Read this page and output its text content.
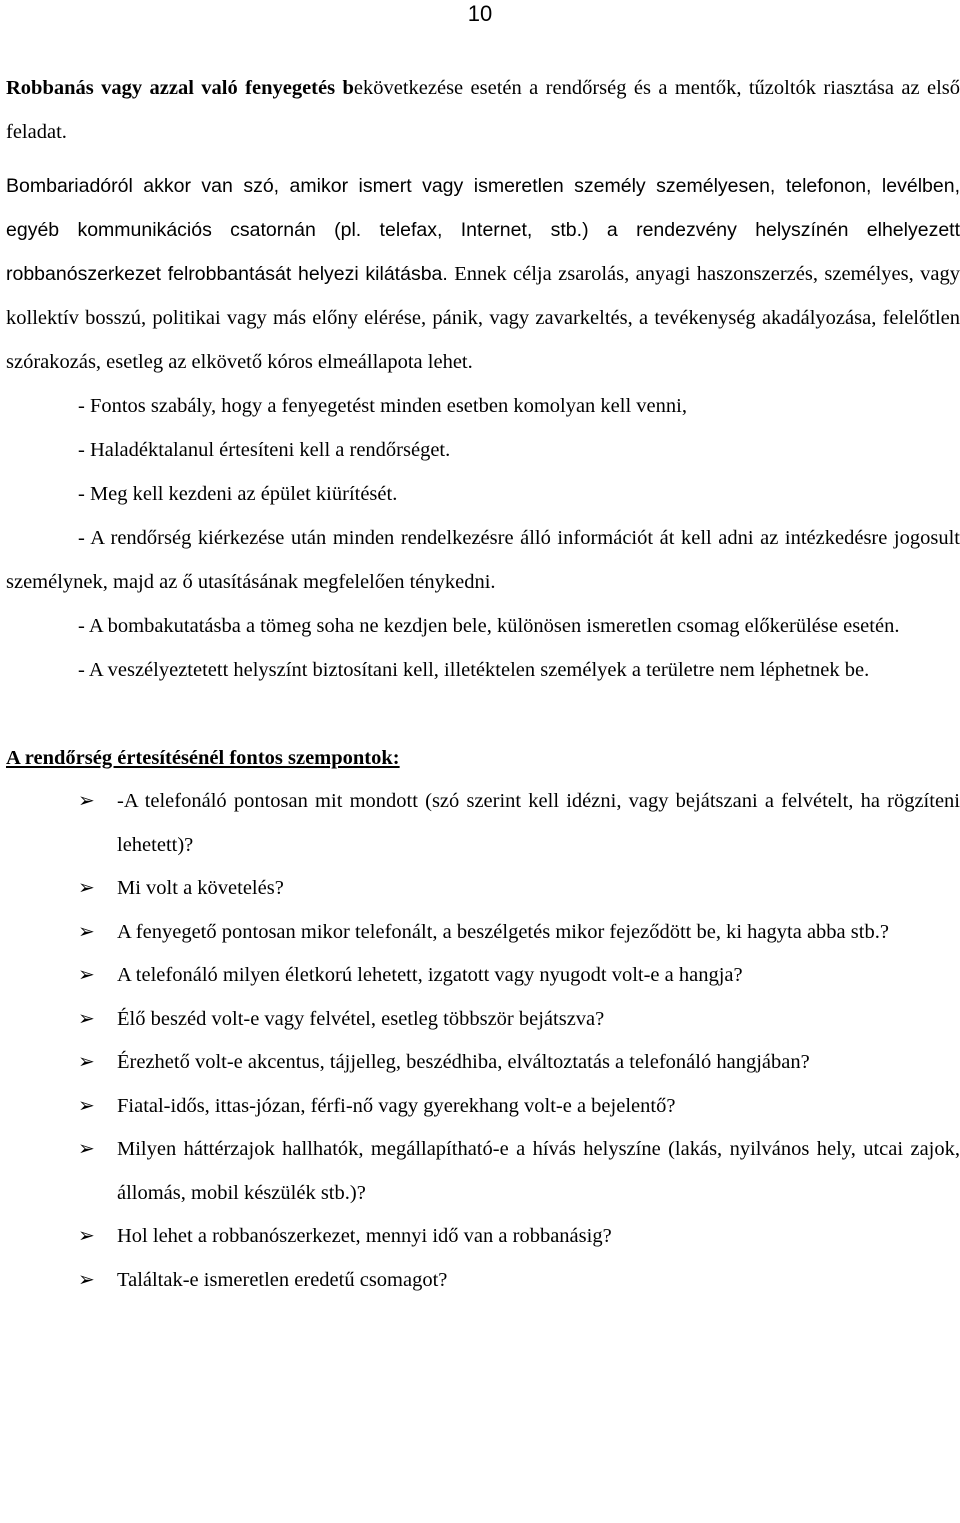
10

Robbanás vagy azzal való fenyegetés bekövetkezése esetén a rendőrség és a mentők, tűzoltók riasztása az első feladat.

Bombariadóról akkor van szó, amikor ismert vagy ismeretlen személy személyesen, telefonon, levélben, egyéb kommunikációs csatornán (pl. telefax, Internet, stb.) a rendezvény helyszínén elhelyezett robbanószerkezet felrobbantását helyezi kilátásba. Ennek célja zsarolás, anyagi haszonszerzés, személyes, vagy kollektív bosszú, politikai vagy más előny elérése, pánik, vagy zavarkeltés, a tevékenység akadályozása, felelőtlen szórakozás, esetleg az elkövető kóros elmeállapota lehet.

- Fontos szabály, hogy a fenyegetést minden esetben komolyan kell venni,

- Haladéktalanul értesíteni kell a rendőrséget.

- Meg kell kezdeni az épület kiürítését.

- A rendőrség kiérkezése után minden rendelkezésre álló információt át kell adni az intézkedésre jogosult személynek, majd az ő utasításának megfelelően ténykedni.

- A bombakutatásba a tömeg soha ne kezdjen bele, különösen ismeretlen csomag előkerülése esetén.

- A veszélyeztetett helyszínt biztosítani kell, illetéktelen személyek a területre nem léphetnek be.

A rendőrség értesítésénél fontos szempontok:

➢ -A telefonáló pontosan mit mondott (szó szerint kell idézni, vagy bejátszani a felvételt, ha rögzíteni lehetett)?
➢ Mi volt a követelés?
➢ A fenyegető pontosan mikor telefonált, a beszélgetés mikor fejeződött be, ki hagyta abba stb.?
➢ A telefonáló milyen életkorú lehetett, izgatott vagy nyugodt volt-e a hangja?
➢ Élő beszéd volt-e vagy felvétel, esetleg többször bejátszva?
➢ Érezhető volt-e akcentus, tájjelleg, beszédhiba, elváltoztatás a telefonáló hangjában?
➢ Fiatal-idős, ittas-józan, férfi-nő vagy gyerekhang volt-e a bejelentő?
➢ Milyen háttérzajok hallhatók, megállapítható-e a hívás helyszíne (lakás, nyilvános hely, utcai zajok, állomás, mobil készülék stb.)?
➢ Hol lehet a robbanószerkezet, mennyi idő van a robbanásig?
➢ Találtak-e ismeretlen eredetű csomagot?
